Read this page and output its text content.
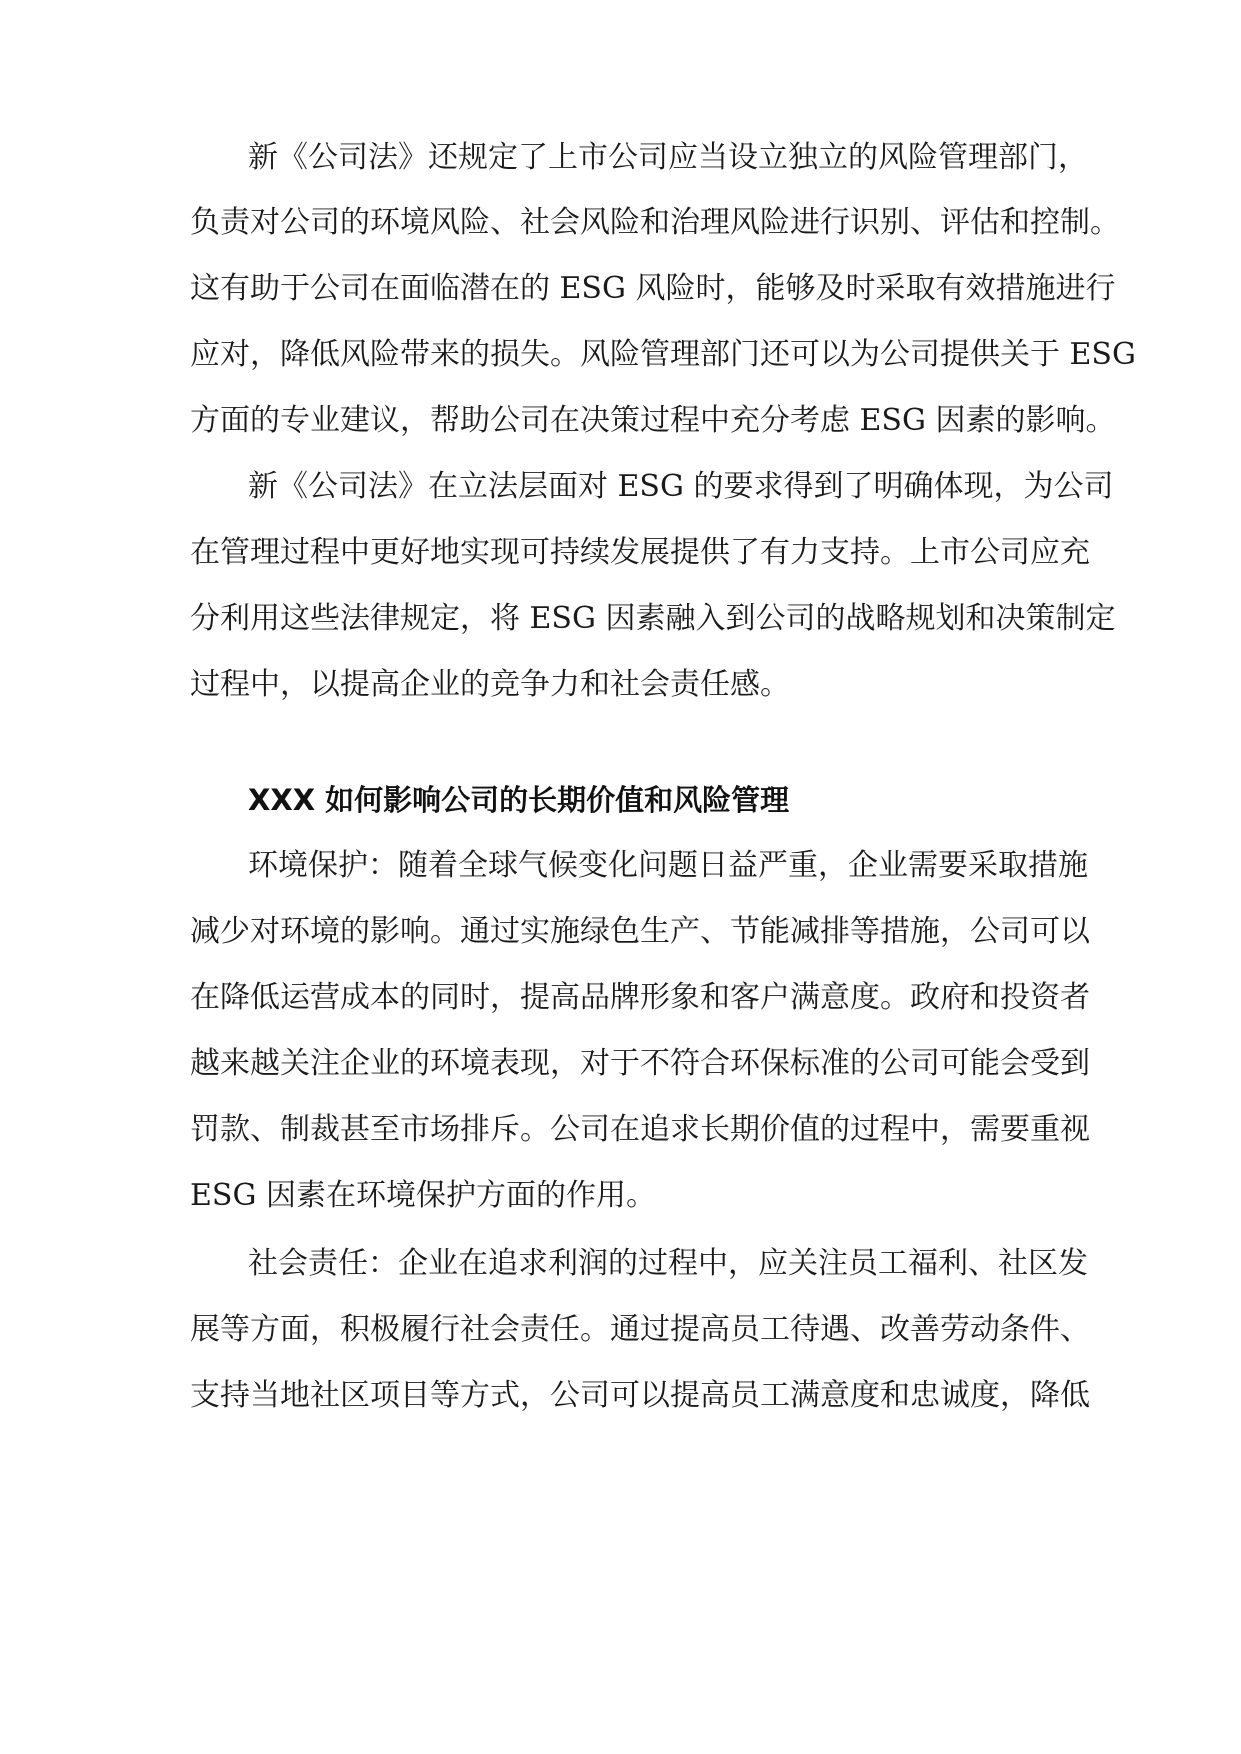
新《公司法》还规定了上市公司应当设立独立的风险管理部门，

负责对公司的环境风险、社会风险和治理风险进行识别、评估和控制。

这有助于公司在面临潜在的 ESG 风险时，能够及时采取有效措施进行

应对，降低风险带来的损失。风险管理部门还可以为公司提供关于 ESG

方面的专业建议，帮助公司在决策过程中充分考虑 ESG 因素的影响。

新《公司法》在立法层面对 ESG 的要求得到了明确体现，为公司

在管理过程中更好地实现可持续发展提供了有力支持。上市公司应充

分利用这些法律规定，将 ESG 因素融入到公司的战略规划和决策制定

过程中，以提高企业的竞争力和社会责任感。

XXX 如何影响公司的长期价值和风险管理

环境保护：随着全球气候变化问题日益严重，企业需要采取措施

减少对环境的影响。通过实施绿色生产、节能减排等措施，公司可以

在降低运营成本的同时，提高品牌形象和客户满意度。政府和投资者

越来越关注企业的环境表现，对于不符合环保标准的公司可能会受到

罚款、制裁甚至市场排斥。公司在追求长期价值的过程中，需要重视

ESG 因素在环境保护方面的作用。

社会责任：企业在追求利润的过程中，应关注员工福利、社区发

展等方面，积极履行社会责任。通过提高员工待遇、改善劳动条件、

支持当地社区项目等方式，公司可以提高员工满意度和忠诚度，降低
